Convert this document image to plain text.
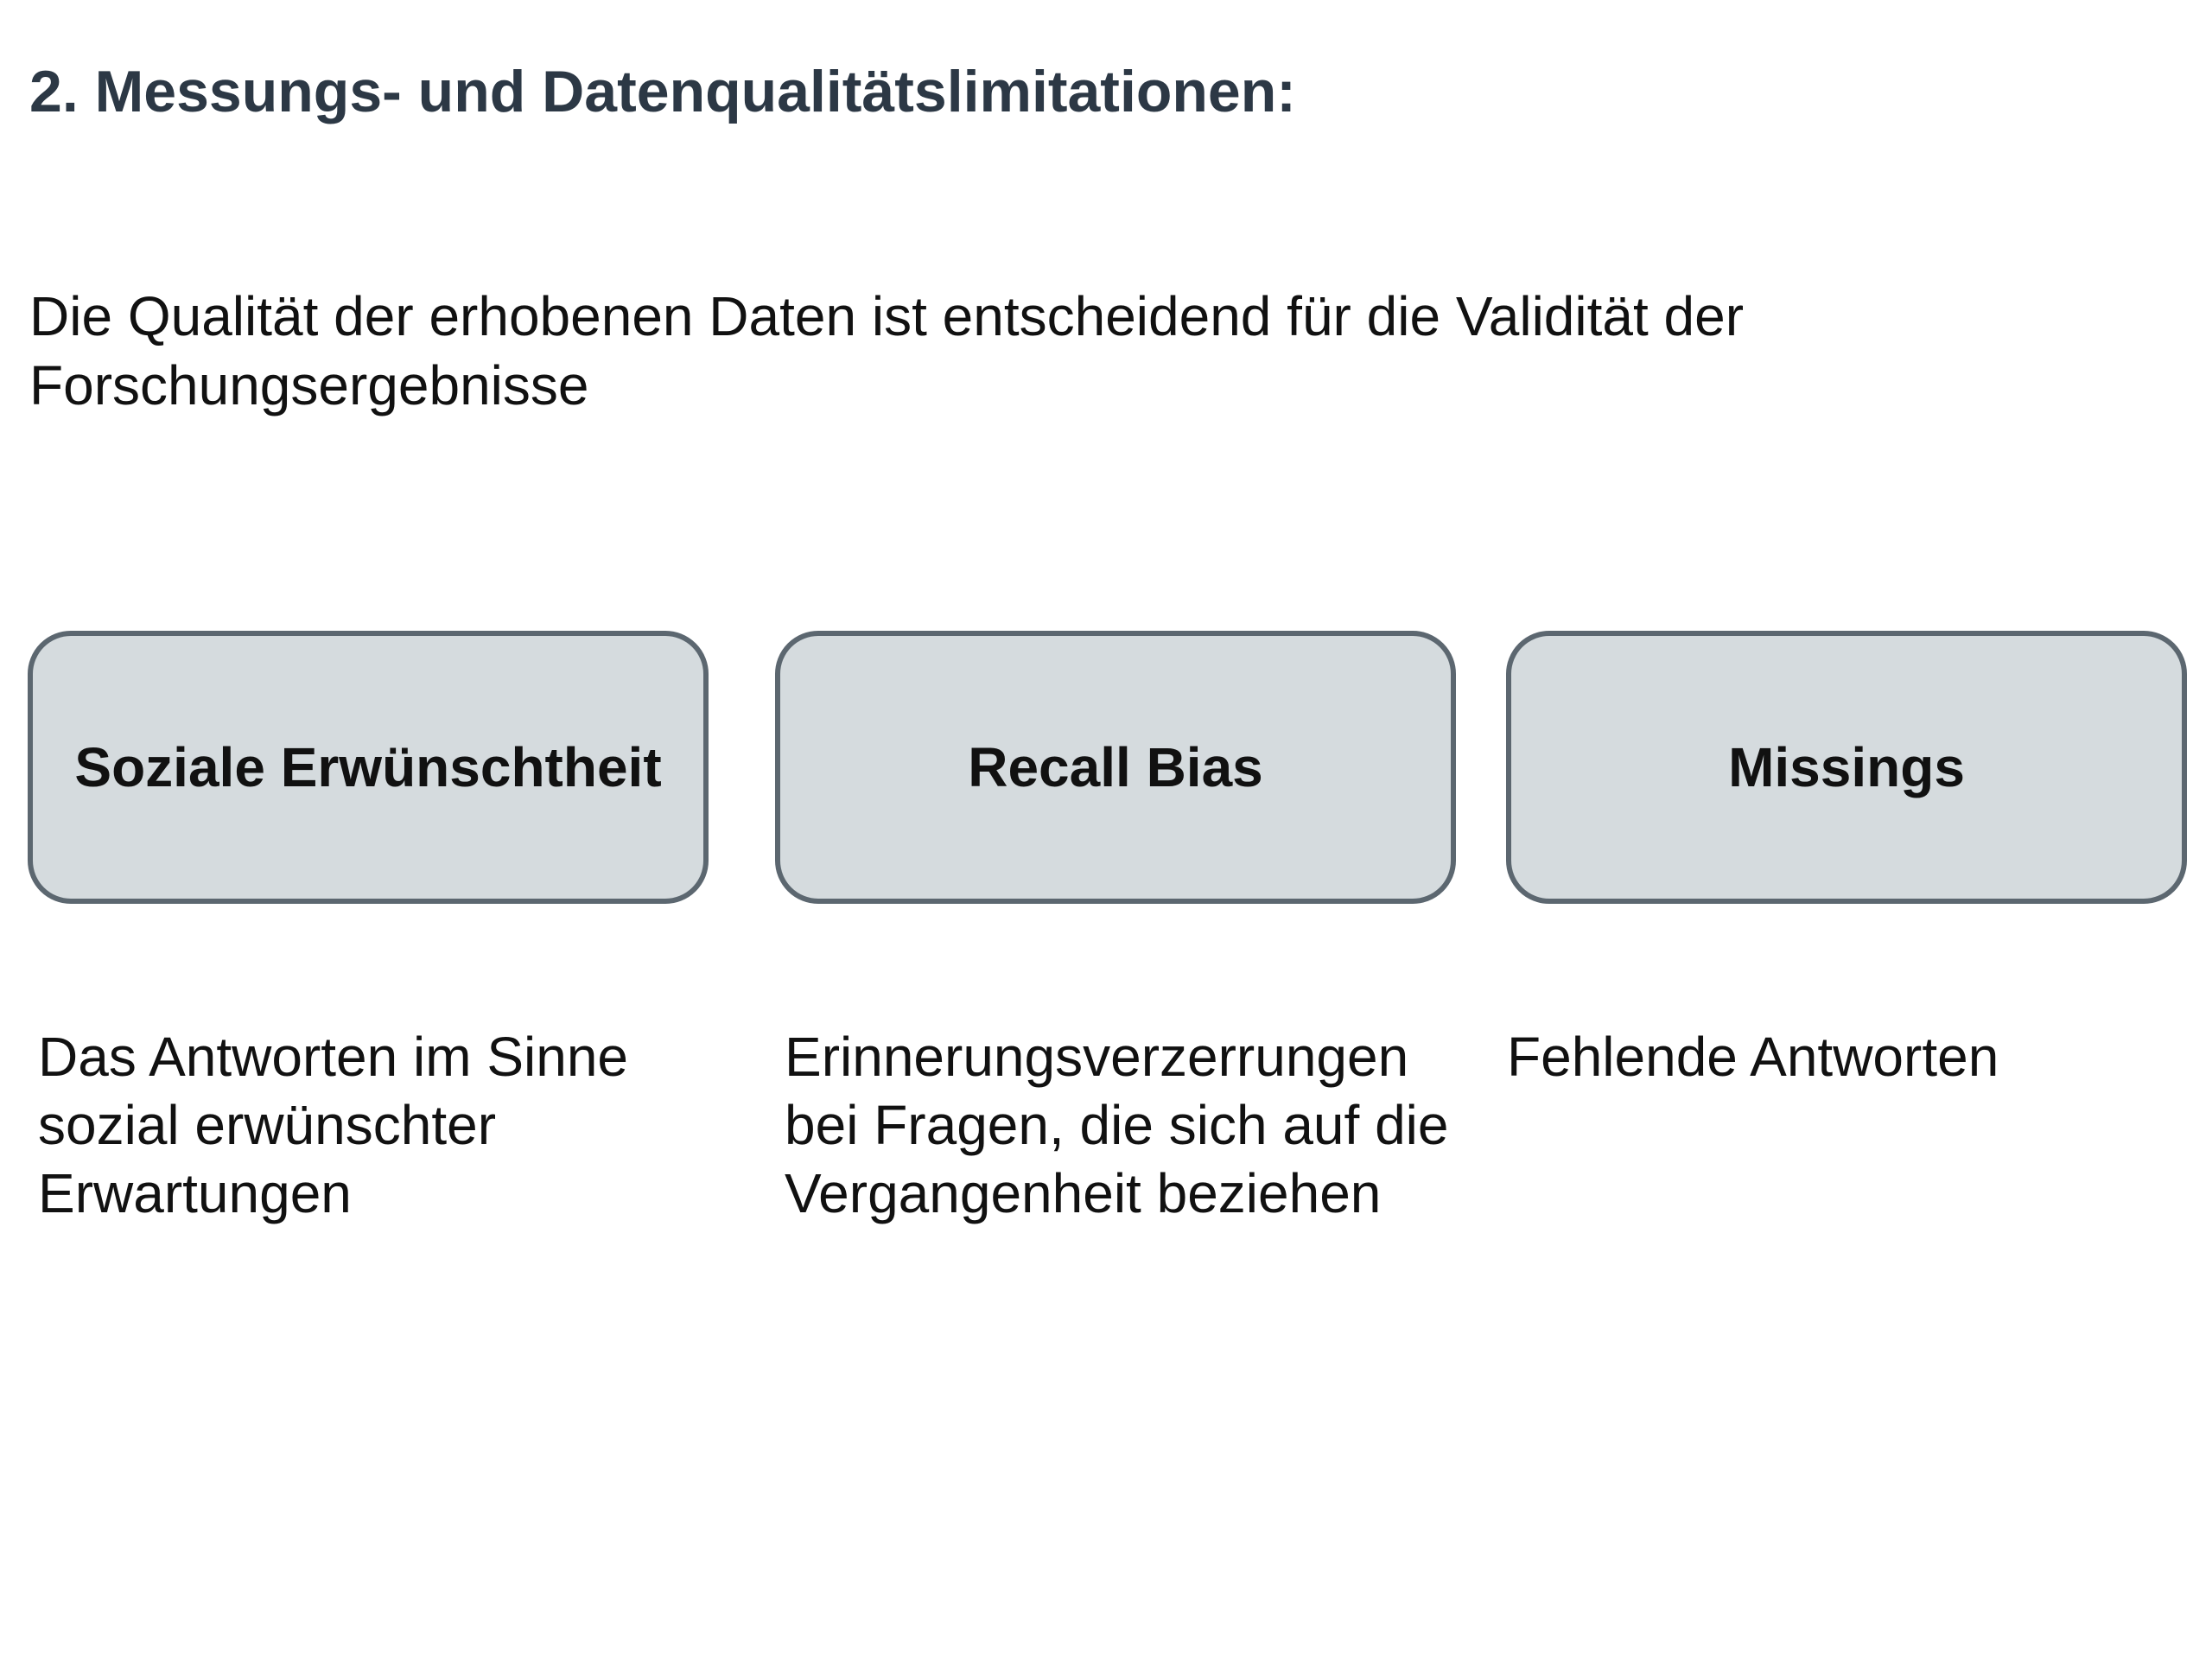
2. Messungs- und Datenqualitätslimitationen:

Die Qualität der erhobenen Daten ist entscheidend für die Validität der Forschungsergebnisse

Soziale Erwünschtheit	Recall Bias	Missings

Das Antworten im Sinne sozial erwünschter Erwartungen

Erinnerungsverzerrungen bei Fragen, die sich auf die Vergangenheit beziehen

Fehlende Antworten
